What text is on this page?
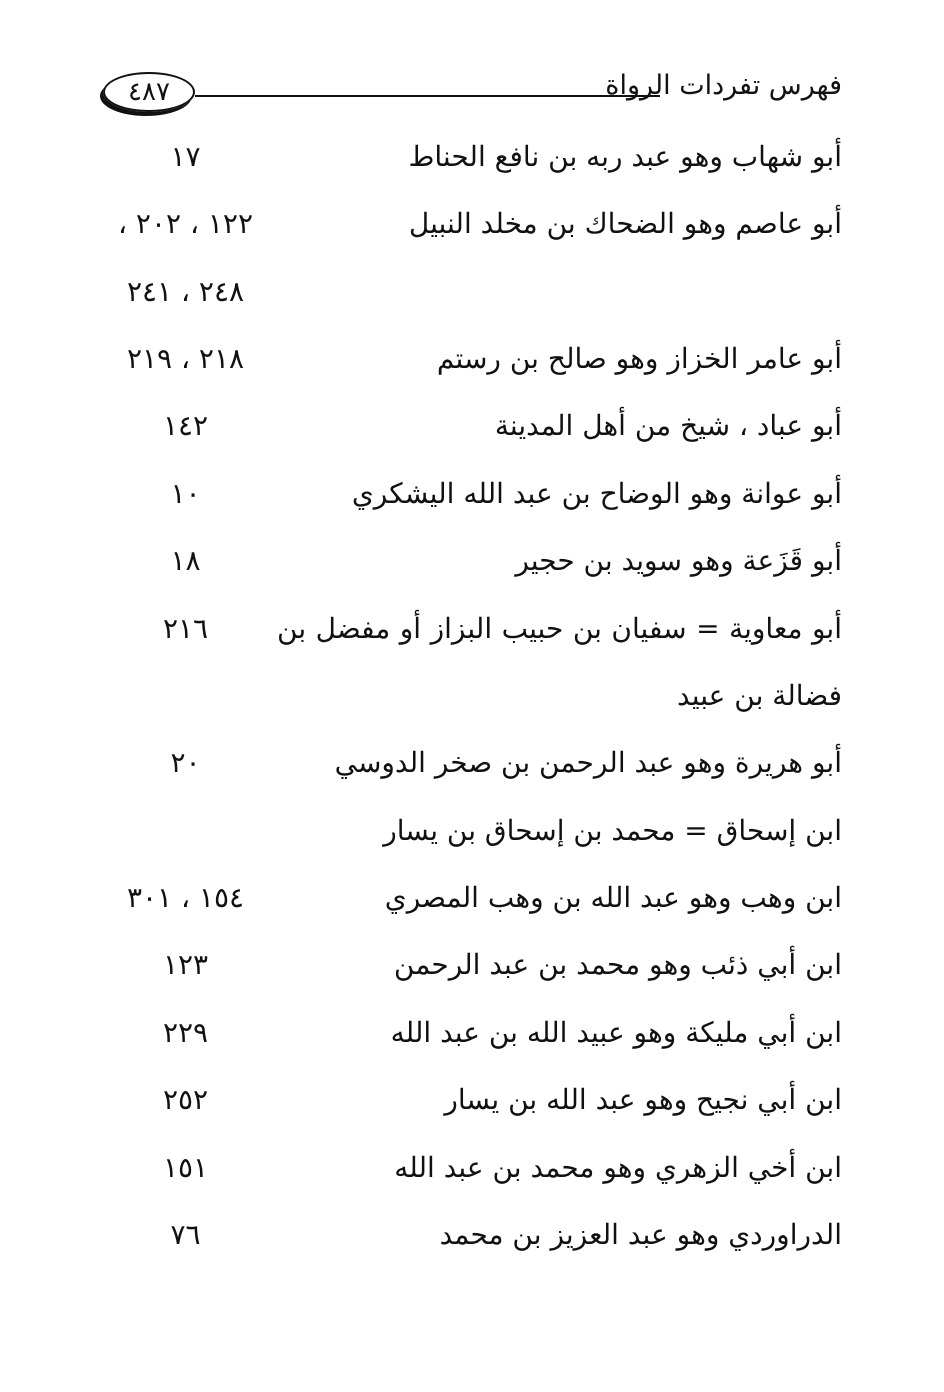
فهرس تفردات الرواة
٤٨٧
أبو شهاب وهو عبد ربه بن نافع الحناط
١٧
أبو عاصم وهو الضحاك بن مخلد النبيل
١٢٢ ، ٢٠٢ ،
٢٤٨ ، ٢٤١
أبو عامر الخزاز وهو صالح بن رستم
٢١٨ ، ٢١٩
أبو عباد ، شيخ من أهل المدينة
١٤٢
أبو عوانة وهو الوضاح بن عبد الله اليشكري
١٠
أبو قَزَعة وهو سويد بن حجير
١٨
أبو معاوية = سفيان بن حبيب البزاز أو مفضل بن
٢١٦
فضالة بن عبيد
أبو هريرة وهو عبد الرحمن بن صخر الدوسي
٢٠
ابن إسحاق = محمد بن إسحاق بن يسار
ابن وهب وهو عبد الله بن وهب المصري
١٥٤ ، ٣٠١
ابن أبي ذئب وهو محمد بن عبد الرحمن
١٢٣
ابن أبي مليكة وهو عبيد الله بن عبد الله
٢٢٩
ابن أبي نجيح وهو عبد الله بن يسار
٢٥٢
ابن أخي الزهري وهو محمد بن عبد الله
١٥١
الدراوردي وهو عبد العزيز بن محمد
٧٦
